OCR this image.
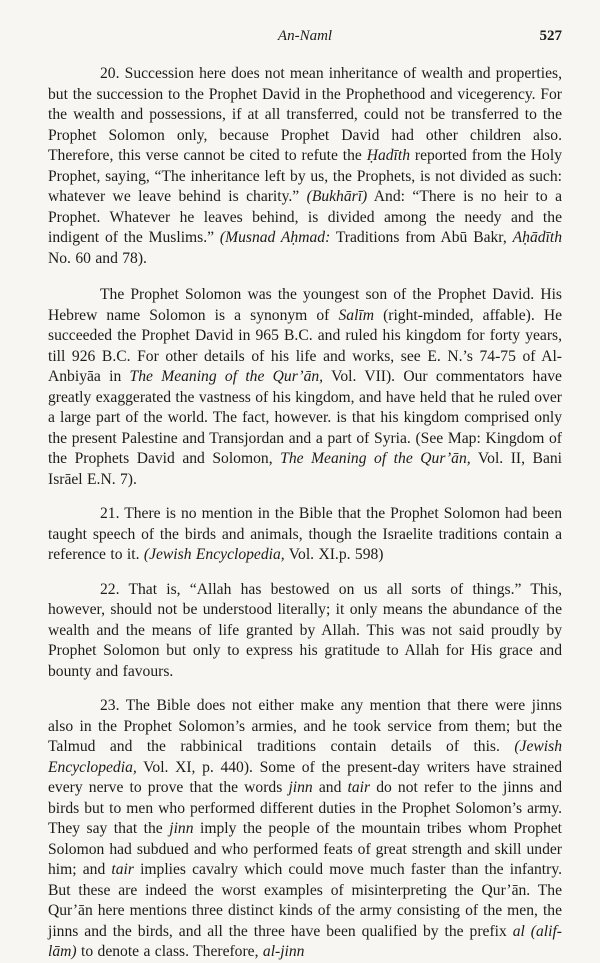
An-Naml	527

20. Succession here does not mean inheritance of wealth and properties, but the succession to the Prophet David in the Prophethood and vicegerency. For the wealth and possessions, if at all transferred, could not be transferred to the Prophet Solomon only, because Prophet David had other children also. Therefore, this verse cannot be cited to refute the Ḥadīth reported from the Holy Prophet, saying, “The inheritance left by us, the Prophets, is not divided as such: whatever we leave behind is charity.” (Bukhārī) And: “There is no heir to a Prophet. Whatever he leaves behind, is divided among the needy and the indigent of the Muslims.” (Musnad Aḥmad: Traditions from Abū Bakr, Aḥādīth No. 60 and 78).

The Prophet Solomon was the youngest son of the Prophet David. His Hebrew name Solomon is a synonym of Salīm (right-minded, affable). He succeeded the Prophet David in 965 B.C. and ruled his kingdom for forty years, till 926 B.C. For other details of his life and works, see E. N.’s 74-75 of Al-Anbiyāa in The Meaning of the Qur’ān, Vol. VII). Our commentators have greatly exaggerated the vastness of his kingdom, and have held that he ruled over a large part of the world. The fact, however. is that his kingdom comprised only the present Palestine and Transjordan and a part of Syria. (See Map: Kingdom of the Prophets David and Solomon, The Meaning of the Qur’ān, Vol. II, Bani Isrāel E.N. 7).

21. There is no mention in the Bible that the Prophet Solomon had been taught speech of the birds and animals, though the Israelite traditions contain a reference to it. (Jewish Encyclopedia, Vol. XI.p. 598)

22. That is, “Allah has bestowed on us all sorts of things.” This, however, should not be understood literally; it only means the abundance of the wealth and the means of life granted by Allah. This was not said proudly by Prophet Solomon but only to express his gratitude to Allah for His grace and bounty and favours.

23. The Bible does not either make any mention that there were jinns also in the Prophet Solomon’s armies, and he took service from them; but the Talmud and the rabbinical traditions contain details of this. (Jewish Encyclopedia, Vol. XI, p. 440). Some of the present-day writers have strained every nerve to prove that the words jinn and tair do not refer to the jinns and birds but to men who performed different duties in the Prophet Solomon’s army. They say that the jinn imply the people of the mountain tribes whom Prophet Solomon had subdued and who performed feats of great strength and skill under him; and tair implies cavalry which could move much faster than the infantry. But these are indeed the worst examples of misinterpreting the Qur’ān. The Qur’ān here mentions three distinct kinds of the army consisting of the men, the jinns and the birds, and all the three have been qualified by the prefix al (alif-lām) to denote a class. Therefore, al-jinn
